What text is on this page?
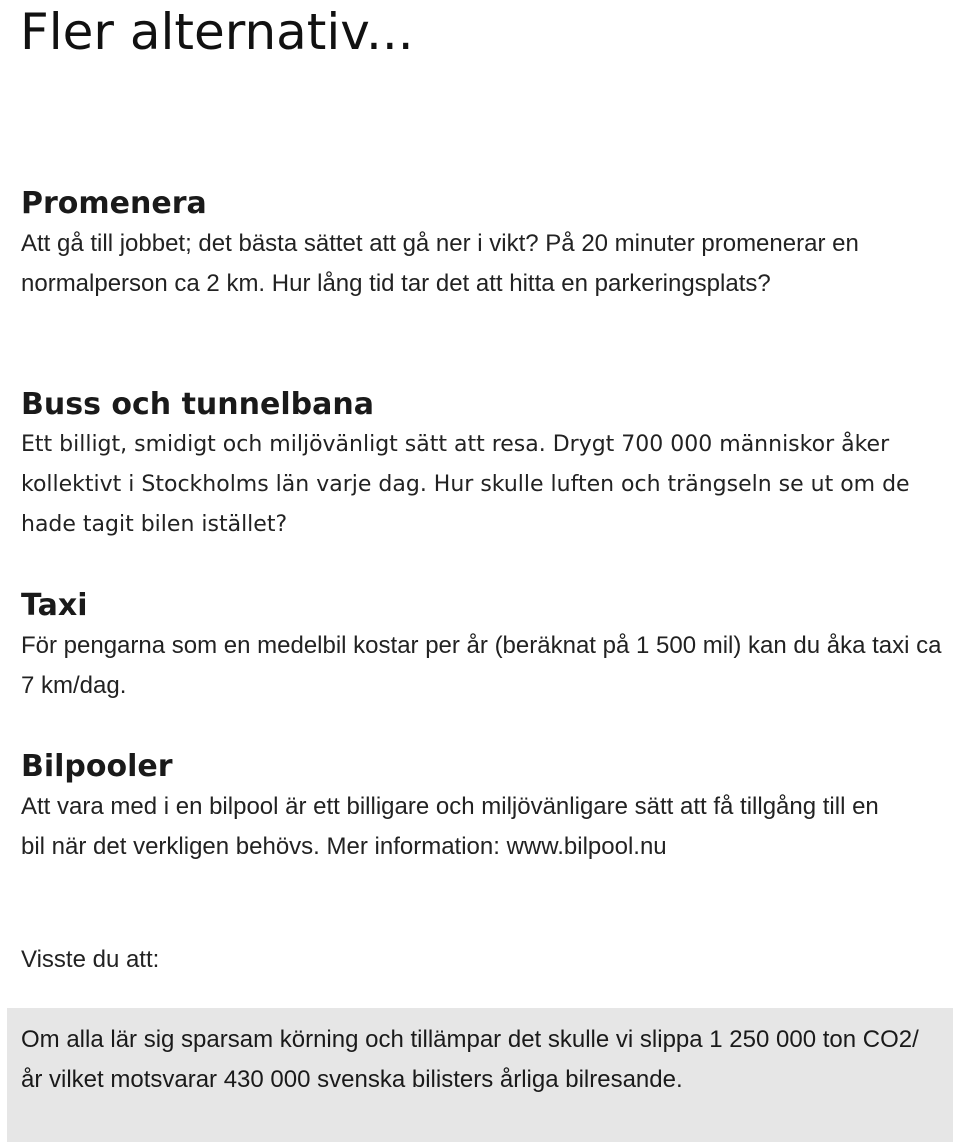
Fler alternativ...
Promenera

Att gå till jobbet; det bästa sättet att gå ner i vikt? På 20 minuter promenerar en normalperson ca 2 km. Hur lång tid tar det att hitta en parkeringsplats?

Buss och tunnelbana

Ett billigt, smidigt och miljövänligt sätt att resa. Drygt 700 000 människor åker kollektivt i Stockholms län varje dag. Hur skulle luften och trängseln se ut om de hade tagit bilen istället?

Taxi

För pengarna som en medelbil kostar per år (beräknat på 1 500 mil) kan du åka taxi ca 7 km/dag.

Bilpooler

Att vara med i en bilpool är ett billigare och miljövänligare sätt att få tillgång till en bil när det verkligen behövs. Mer information: www.bilpool.nu

Visste du att:

Om alla lär sig sparsam körning och tillämpar det skulle vi slippa 1 250 000 ton CO2/år vilket motsvarar 430 000 svenska bilisters årliga bilresande.
